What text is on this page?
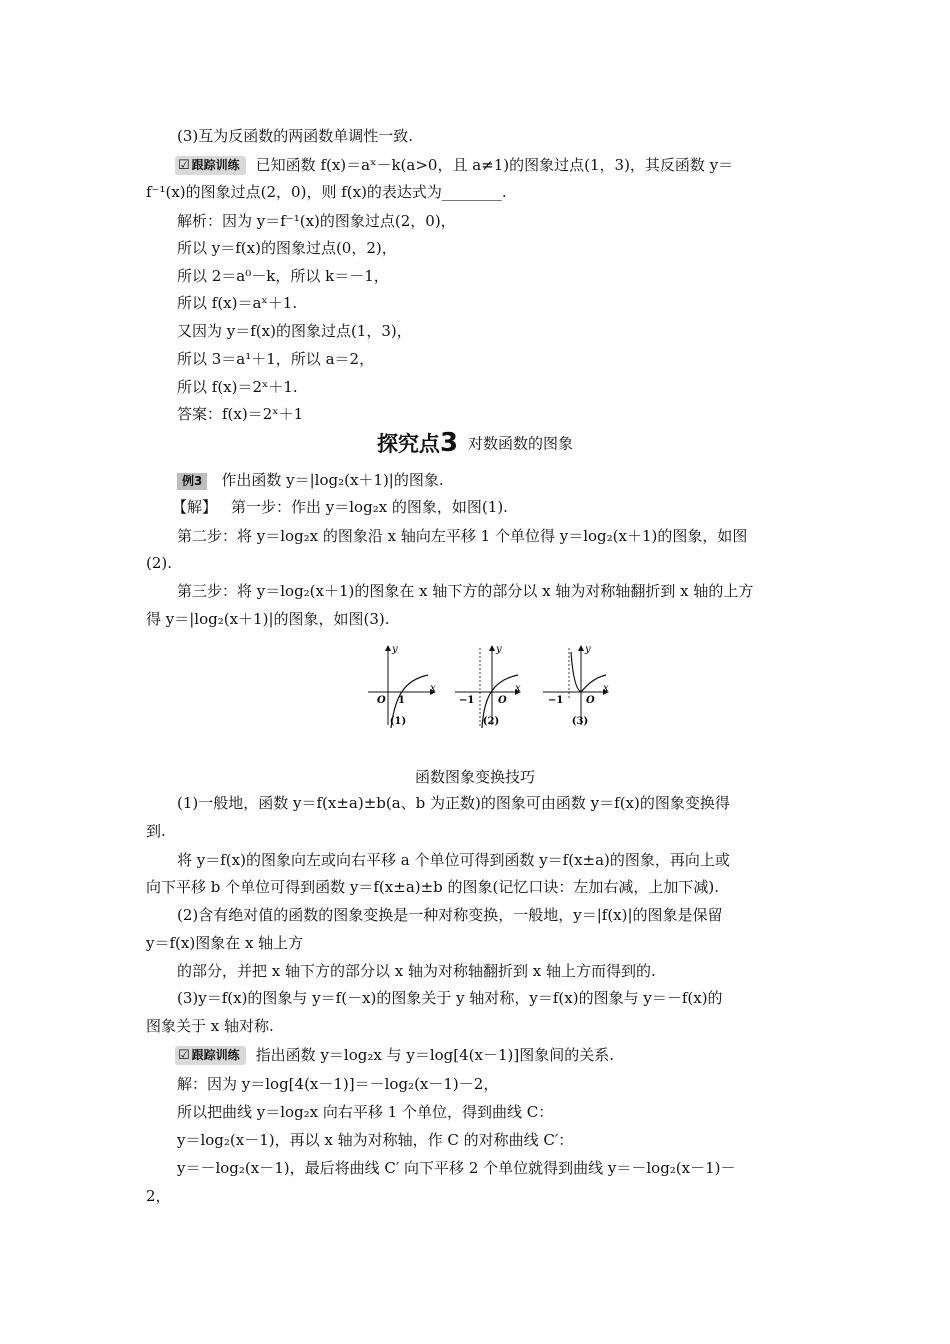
(3)互为反函数的两函数单调性一致.
☑ 跟踪训练 已知函数 f(x)＝aˣ－k(a>0，且 a≠1)的图象过点(1，3)，其反函数 y＝
f⁻¹(x)的图象过点(2，0)，则 f(x)的表达式为________.
解析：因为 y＝f⁻¹(x)的图象过点(2，0)，
所以 y＝f(x)的图象过点(0，2)，
所以 2＝a⁰－k，所以 k＝－1，
所以 f(x)＝aˣ＋1.
又因为 y＝f(x)的图象过点(1，3)，
所以 3＝a¹＋1，所以 a＝2，
所以 f(x)＝2ˣ＋1.
答案：f(x)＝2ˣ＋1
探究点3 对数函数的图象
例3 作出函数 y＝|log₂(x＋1)|的图象.
【解】 第一步：作出 y＝log₂x 的图象，如图(1).
第二步：将 y＝log₂x 的图象沿 x 轴向左平移 1 个单位得 y＝log₂(x＋1)的图象，如图
(2).
第三步：将 y＝log₂(x＋1)的图象在 x 轴下方的部分以 x 轴为对称轴翻折到 x 轴的上方
得 y＝|log₂(x＋1)|的图象，如图(3).
y
x
O 1
y
x
−1 O
y
x
−1 O
(1)	(2)	(3)
函数图象变换技巧
(1)一般地，函数 y＝f(x±a)±b(a、b 为正数)的图象可由函数 y＝f(x)的图象变换得
到.
将 y＝f(x)的图象向左或向右平移 a 个单位可得到函数 y＝f(x±a)的图象，再向上或
向下平移 b 个单位可得到函数 y＝f(x±a)±b 的图象(记忆口诀：左加右减，上加下减).
(2)含有绝对值的函数的图象变换是一种对称变换，一般地，y＝|f(x)|的图象是保留
y＝f(x)图象在 x 轴上方
的部分，并把 x 轴下方的部分以 x 轴为对称轴翻折到 x 轴上方而得到的.
(3)y＝f(x)的图象与 y＝f(－x)的图象关于 y 轴对称，y＝f(x)的图象与 y＝－f(x)的
图象关于 x 轴对称.
☑ 跟踪训练 指出函数 y＝log₂x 与 y＝log[4(x－1)]图象间的关系.
解：因为 y＝log[4(x－1)]＝－log₂(x－1)－2，
所以把曲线 y＝log₂x 向右平移 1 个单位，得到曲线 C：
y＝log₂(x－1)，再以 x 轴为对称轴，作 C 的对称曲线 C′：
y＝－log₂(x－1)，最后将曲线 C′ 向下平移 2 个单位就得到曲线 y＝－log₂(x－1)－
2，
